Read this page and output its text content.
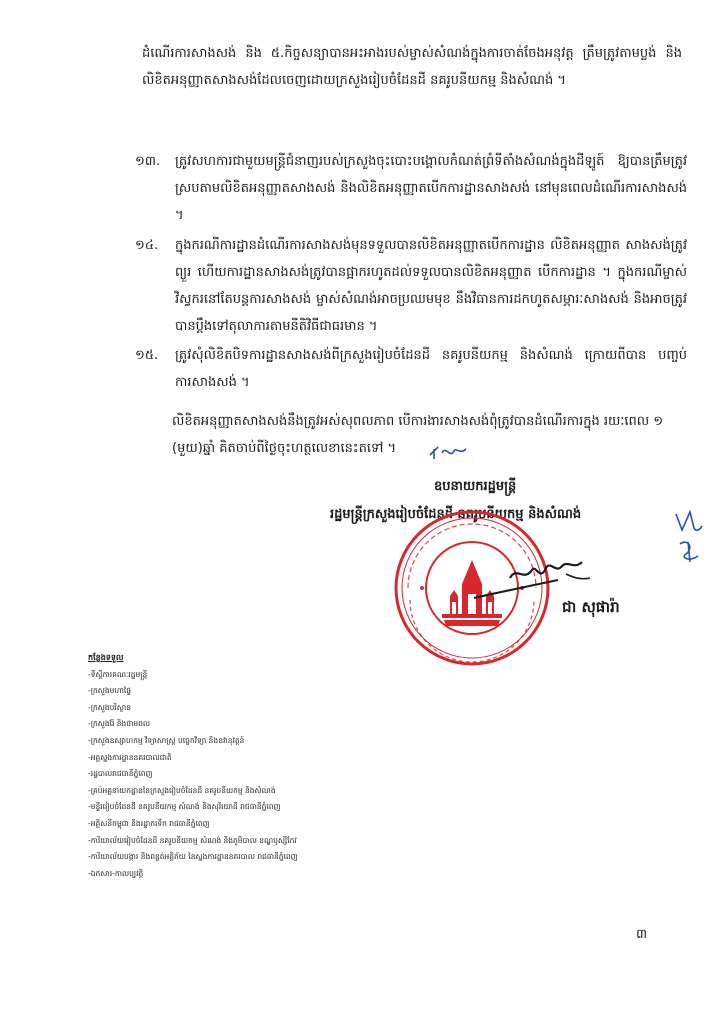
ដំណើរការសាងសង់ និង ៥.កិច្ចសន្យាបានអះអាងរបស់ម្ចាស់សំណង់ក្នុងការចាត់ចែងអនុវត្ត ត្រឹមត្រូវតាមប្លង់ និងលិខិតអនុញ្ញាតសាងសង់ដែលចេញដោយក្រសួងរៀបចំដែនដី នគរូបនីយកម្ម និងសំណង់ ។
១៣.	ត្រូវសហការជាមួយមន្ត្រីជំនាញរបស់ក្រសួងចុះបោះបង្គោលកំណត់ព្រំទីតាំងសំណង់ក្នុងដីឡូត៍ ឱ្យបានត្រឹមត្រូវស្របតាមលិខិតអនុញ្ញាតសាងសង់ និងលិខិតអនុញ្ញាតបើកការដ្ឋានសាងសង់ នៅមុនពេលដំណើរការសាងសង់ ។
១៤.	ក្នុងករណីការដ្ឋានដំណើរការសាងសង់មុនទទួលបានលិខិតអនុញ្ញាតបើកការដ្ឋាន លិខិតអនុញ្ញាត សាងសង់ត្រូវព្យួរ ហើយការដ្ឋានសាងសង់ត្រូវបានផ្អាករហូតដល់ទទួលបានលិខិតអនុញ្ញាត បើកការដ្ឋាន ។ ក្នុងករណីម្ចាស់វិស្វករនៅតែបន្តការសាងសង់ ម្ចាស់សំណង់អាចប្រឈមមុខ នឹងវិធានការដកហូតសម្ភារៈសាងសង់ និងអាចត្រូវបានប្តឹងទៅតុលាការតាមនីតិវិធីជាធរមាន ។
១៥.	ត្រូវសុំលិខិតបិទការដ្ឋានសាងសង់ពីក្រសួងរៀបចំដែនដី នគរូបនីយកម្ម និងសំណង់ ក្រោយពីបាន បញ្ចប់ការសាងសង់ ។
លិខិតអនុញ្ញាតសាងសង់នឹងត្រូវអស់សុពលភាព បើការងារសាងសង់ពុំត្រូវបានដំណើរការក្នុង រយៈពេល ១ (មួយ)ឆ្នាំ គិតចាប់ពីថ្ងៃចុះហត្ថលេខានេះតទៅ ។
ឧបនាយករដ្ឋមន្ត្រី
រដ្ឋមន្ត្រីក្រសួងរៀបចំដែនដី នគរូបនីយកម្ម និងសំណង់
ជា សុផារ៉ា
កន្លែងទទួល
-ទីស្តីការគណៈរដ្ឋមន្ត្រី
-ក្រសួងមហាផ្ទៃ
-ក្រសួងបរិស្ថាន
-ក្រសួងរ៉ែ និងថាមពល
-ក្រសួងឧស្សាហកម្ម វិទ្យាសាស្ត្រ បច្ចេកវិទ្យា និងនវានុវត្តន៍
-អគ្គស្នងការដ្ឋាននគរបាលជាតិ
-រដ្ឋបាលរាជធានីភ្នំពេញ
-គ្រប់អគ្គនាយកដ្ឋាននៃក្រសួងរៀបចំដែនដី នគរូបនីយកម្ម និងសំណង់
-មន្ទីររៀបចំដែនដី នគរូបនីយកម្ម សំណង់ និងសុរិយោដី រាជធានីភ្នំពេញ
-អគ្គិសនីកម្ពុជា និងរដ្ឋាករទឹក រាជធានីភ្នំពេញ
-ការិយាល័យរៀបចំដែនដី នគរូបនីយកម្ម សំណង់ និងភូមិបាល ខណ្ឌឫស្សីកែវ
-ការិយាល័យបង្ការ និងពន្លត់អគ្គិភ័យ នៃស្នងការដ្ឋាននគរបាល រាជធានីភ្នំពេញ
-ឯកសារ-កាលប្បវត្តិ
៣
